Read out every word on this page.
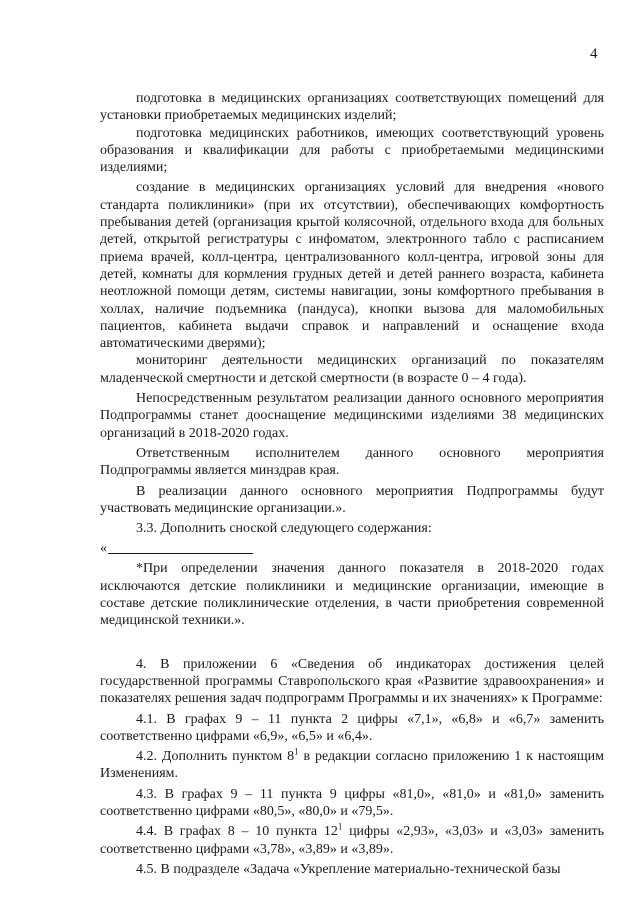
4

подготовка в медицинских организациях соответствующих помещений для установки приобретаемых медицинских изделий;

подготовка медицинских работников, имеющих соответствующий уровень образования и квалификации для работы с приобретаемыми медицинскими изделиями;

создание в медицинских организациях условий для внедрения «нового стандарта поликлиники» (при их отсутствии), обеспечивающих комфортность пребывания детей (организация крытой колясочной, отдельного входа для больных детей, открытой регистратуры с инфоматом, электронного табло с расписанием приема врачей, колл-центра, централизованного колл-центра, игровой зоны для детей, комнаты для кормления грудных детей и детей раннего возраста, кабинета неотложной помощи детям, системы навигации, зоны комфортного пребывания в холлах, наличие подъемника (пандуса), кнопки вызова для маломобильных пациентов, кабинета выдачи справок и направлений и оснащение входа автоматическими дверями);

мониторинг деятельности медицинских организаций по показателям младенческой смертности и детской смертности (в возрасте 0 – 4 года).

Непосредственным результатом реализации данного основного мероприятия Подпрограммы станет дооснащение медицинскими изделиями 38 медицинских организаций в 2018-2020 годах.

Ответственным исполнителем данного основного мероприятия Подпрограммы является минздрав края.

В реализации данного основного мероприятия Подпрограммы будут участвовать медицинские организации.».

3.3. Дополнить сноской следующего содержания:

«

*При определении значения данного показателя в 2018-2020 годах исключаются детские поликлиники и медицинские организации, имеющие в составе детские поликлинические отделения, в части приобретения современной медицинской техники.».

4. В приложении 6 «Сведения об индикаторах достижения целей государственной программы Ставропольского края «Развитие здравоохранения» и показателях решения задач подпрограмм Программы и их значениях» к Программе:

4.1. В графах 9 – 11 пункта 2 цифры «7,1», «6,8» и «6,7» заменить соответственно цифрами «6,9», «6,5» и «6,4».

4.2. Дополнить пунктом $8^1$ в редакции согласно приложению 1 к настоящим Изменениям.

4.3. В графах 9 – 11 пункта 9 цифры «81,0», «81,0» и «81,0» заменить соответственно цифрами «80,5», «80,0» и «79,5».

4.4. В графах 8 – 10 пункта $12^1$ цифры «2,93», «3,03» и «3,03» заменить соответственно цифрами «3,78», «3,89» и «3,89».

4.5. В подразделе «Задача «Укрепление материально-технической базы
